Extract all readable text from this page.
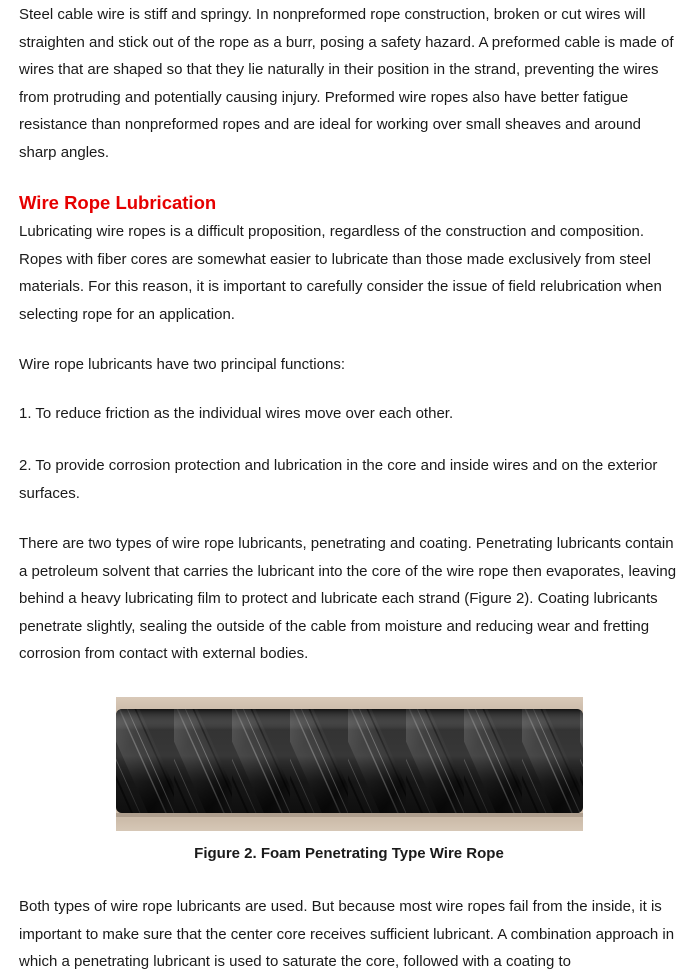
Steel cable wire is stiff and springy. In nonpreformed rope construction, broken or cut wires will straighten and stick out of the rope as a burr, posing a safety hazard. A preformed cable is made of wires that are shaped so that they lie naturally in their position in the strand, preventing the wires from protruding and potentially causing injury. Preformed wire ropes also have better fatigue resistance than nonpreformed ropes and are ideal for working over small sheaves and around sharp angles.

Wire Rope Lubrication

Lubricating wire ropes is a difficult proposition, regardless of the construction and composition. Ropes with fiber cores are somewhat easier to lubricate than those made exclusively from steel materials. For this reason, it is important to carefully consider the issue of field relubrication when selecting rope for an application.

Wire rope lubricants have two principal functions:

1. To reduce friction as the individual wires move over each other.

2. To provide corrosion protection and lubrication in the core and inside wires and on the exterior surfaces.

There are two types of wire rope lubricants, penetrating and coating. Penetrating lubricants contain a petroleum solvent that carries the lubricant into the core of the wire rope then evaporates, leaving behind a heavy lubricating film to protect and lubricate each strand (Figure 2). Coating lubricants penetrate slightly, sealing the outside of the cable from moisture and reducing wear and fretting corrosion from contact with external bodies.

Figure 2. Foam Penetrating Type Wire Rope

Both types of wire rope lubricants are used. But because most wire ropes fail from the inside, it is important to make sure that the center core receives sufficient lubricant. A combination approach in which a penetrating lubricant is used to saturate the core, followed with a coating to
